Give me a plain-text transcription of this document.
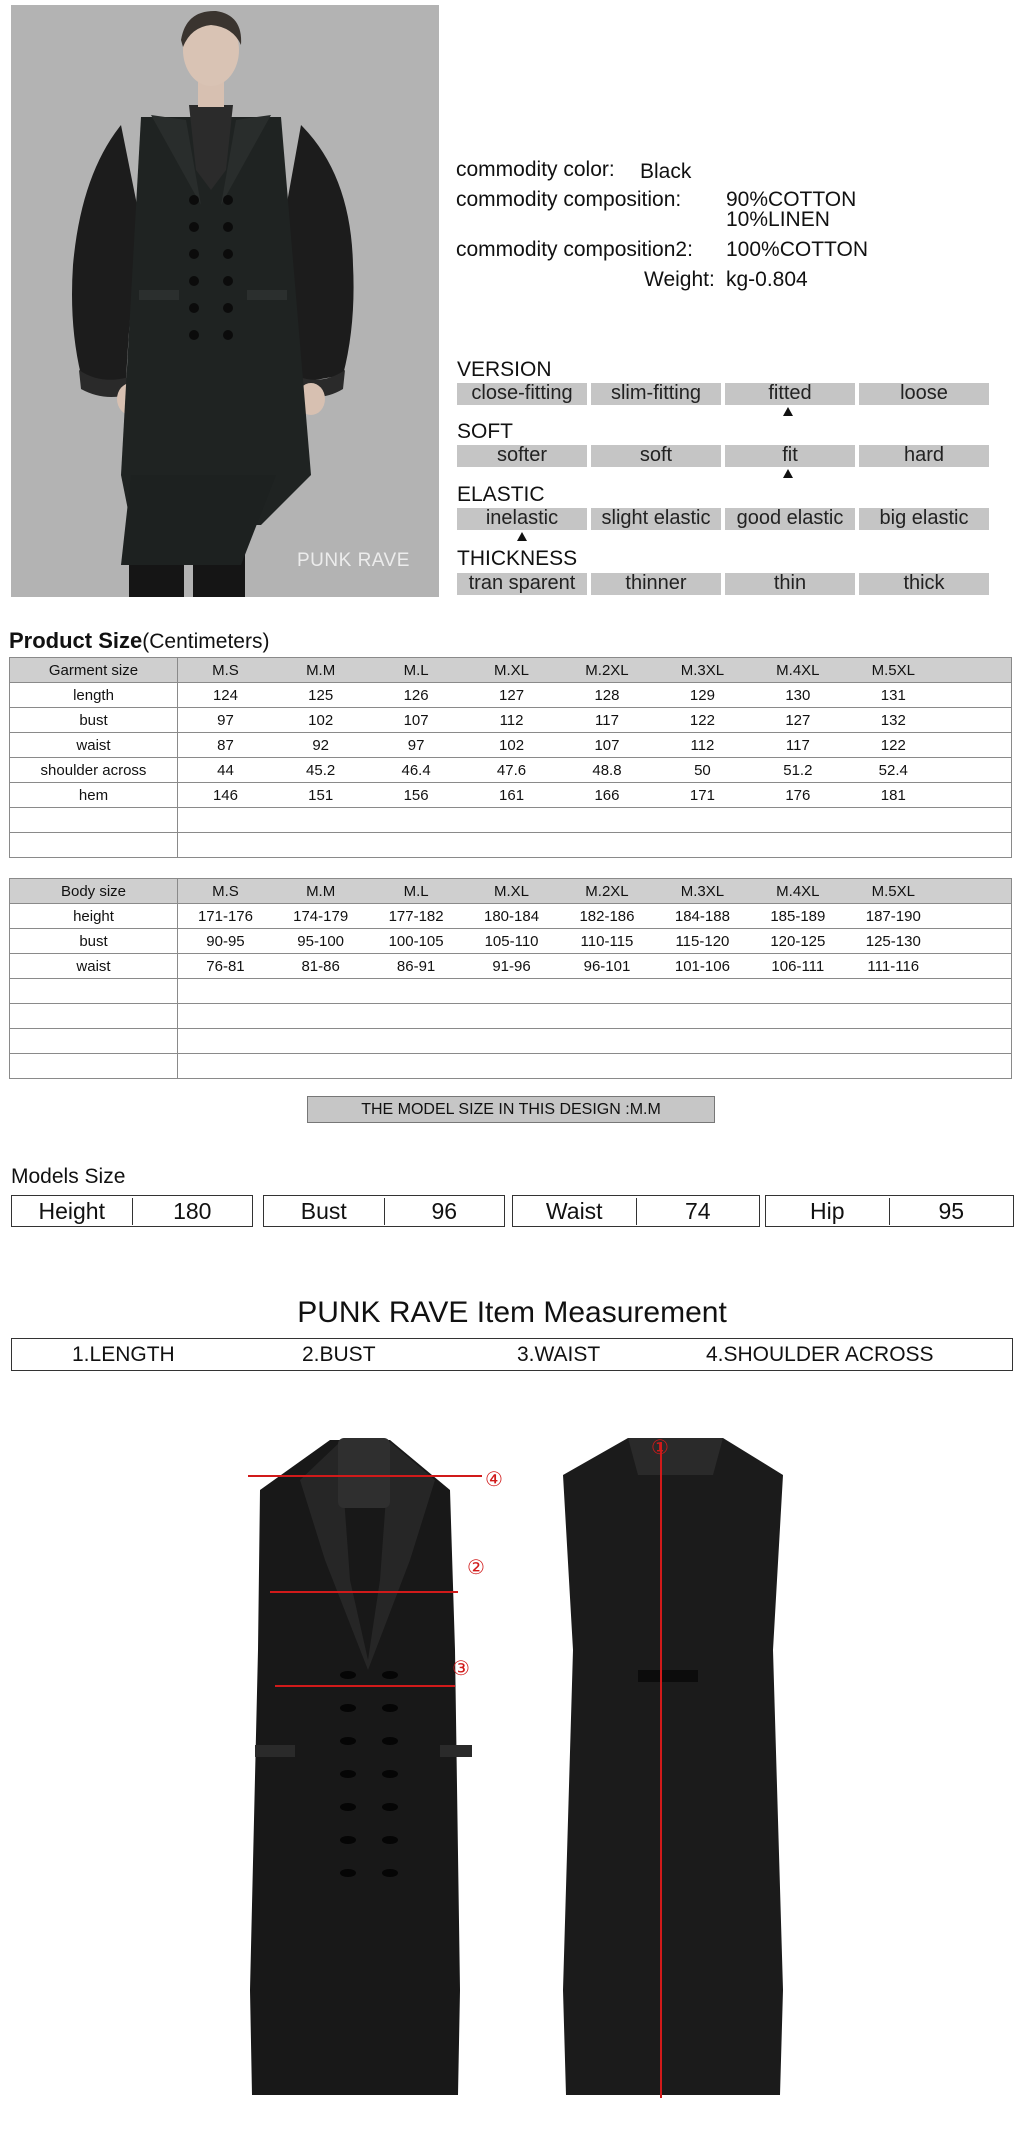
PUNK RAVE
commodity color: Black
commodity composition: 90%COTTON
10%LINEN
commodity composition2: 100%COTTON
Weight: kg-0.804
VERSION
close-fitting	slim-fitting	fitted	loose
SOFT
softer	soft	fit	hard
ELASTIC
inelastic	slight elastic	good elastic	big elastic
THICKNESS
tran sparent	thinner	thin	thick
Product Size(Centimeters)
Garment size	M.S	M.M	M.L	M.XL	M.2XL	M.3XL	M.4XL	M.5XL	
length	124	125	126	127	128	129	130	131	
bust	97	102	107	112	117	122	127	132	
waist	87	92	97	102	107	112	117	122	
shoulder across	44	45.2	46.4	47.6	48.8	50	51.2	52.4	
hem	146	151	156	161	166	171	176	181	

Body size	M.S	M.M	M.L	M.XL	M.2XL	M.3XL	M.4XL	M.5XL	
height	171-176	174-179	177-182	180-184	182-186	184-188	185-189	187-190	
bust	90-95	95-100	100-105	105-110	110-115	115-120	120-125	125-130	
waist	76-81	81-86	86-91	91-96	96-101	101-106	106-111	111-116	

THE MODEL SIZE IN THIS DESIGN :M.M
Models Size
Height	180	Bust	96	Waist	74	Hip	95
PUNK RAVE Item Measurement
1.LENGTH	2.BUST	3.WAIST	4.SHOULDER ACROSS
④
②
③
①
